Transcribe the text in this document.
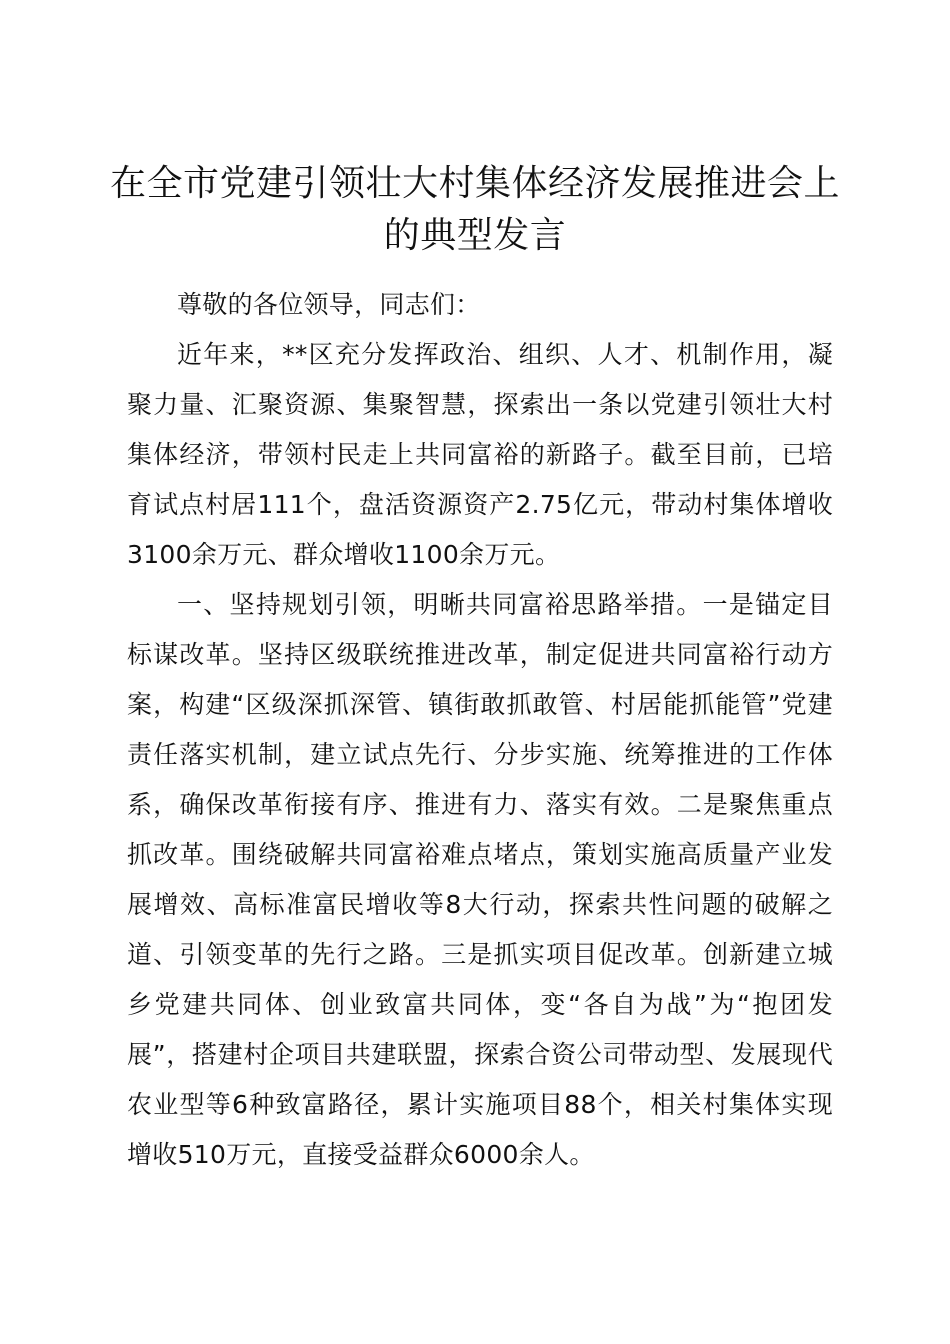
在全市党建引领壮大村集体经济发展推进会上的典型发言

尊敬的各位领导，同志们：

近年来，**区充分发挥政治、组织、人才、机制作用，凝聚力量、汇聚资源、集聚智慧，探索出一条以党建引领壮大村集体经济，带领村民走上共同富裕的新路子。截至目前，已培育试点村居111个，盘活资源资产2.75亿元，带动村集体增收3100余万元、群众增收1100余万元。

一、坚持规划引领，明晰共同富裕思路举措。一是锚定目标谋改革。坚持区级联统推进改革，制定促进共同富裕行动方案，构建“区级深抓深管、镇街敢抓敢管、村居能抓能管”党建责任落实机制，建立试点先行、分步实施、统筹推进的工作体系，确保改革衔接有序、推进有力、落实有效。二是聚焦重点抓改革。围绕破解共同富裕难点堵点，策划实施高质量产业发展增效、高标准富民增收等8大行动，探索共性问题的破解之道、引领变革的先行之路。三是抓实项目促改革。创新建立城乡党建共同体、创业致富共同体，变“各自为战”为“抱团发展”，搭建村企项目共建联盟，探索合资公司带动型、发展现代农业型等6种致富路径，累计实施项目88个，相关村集体实现增收510万元，直接受益群众6000余人。
